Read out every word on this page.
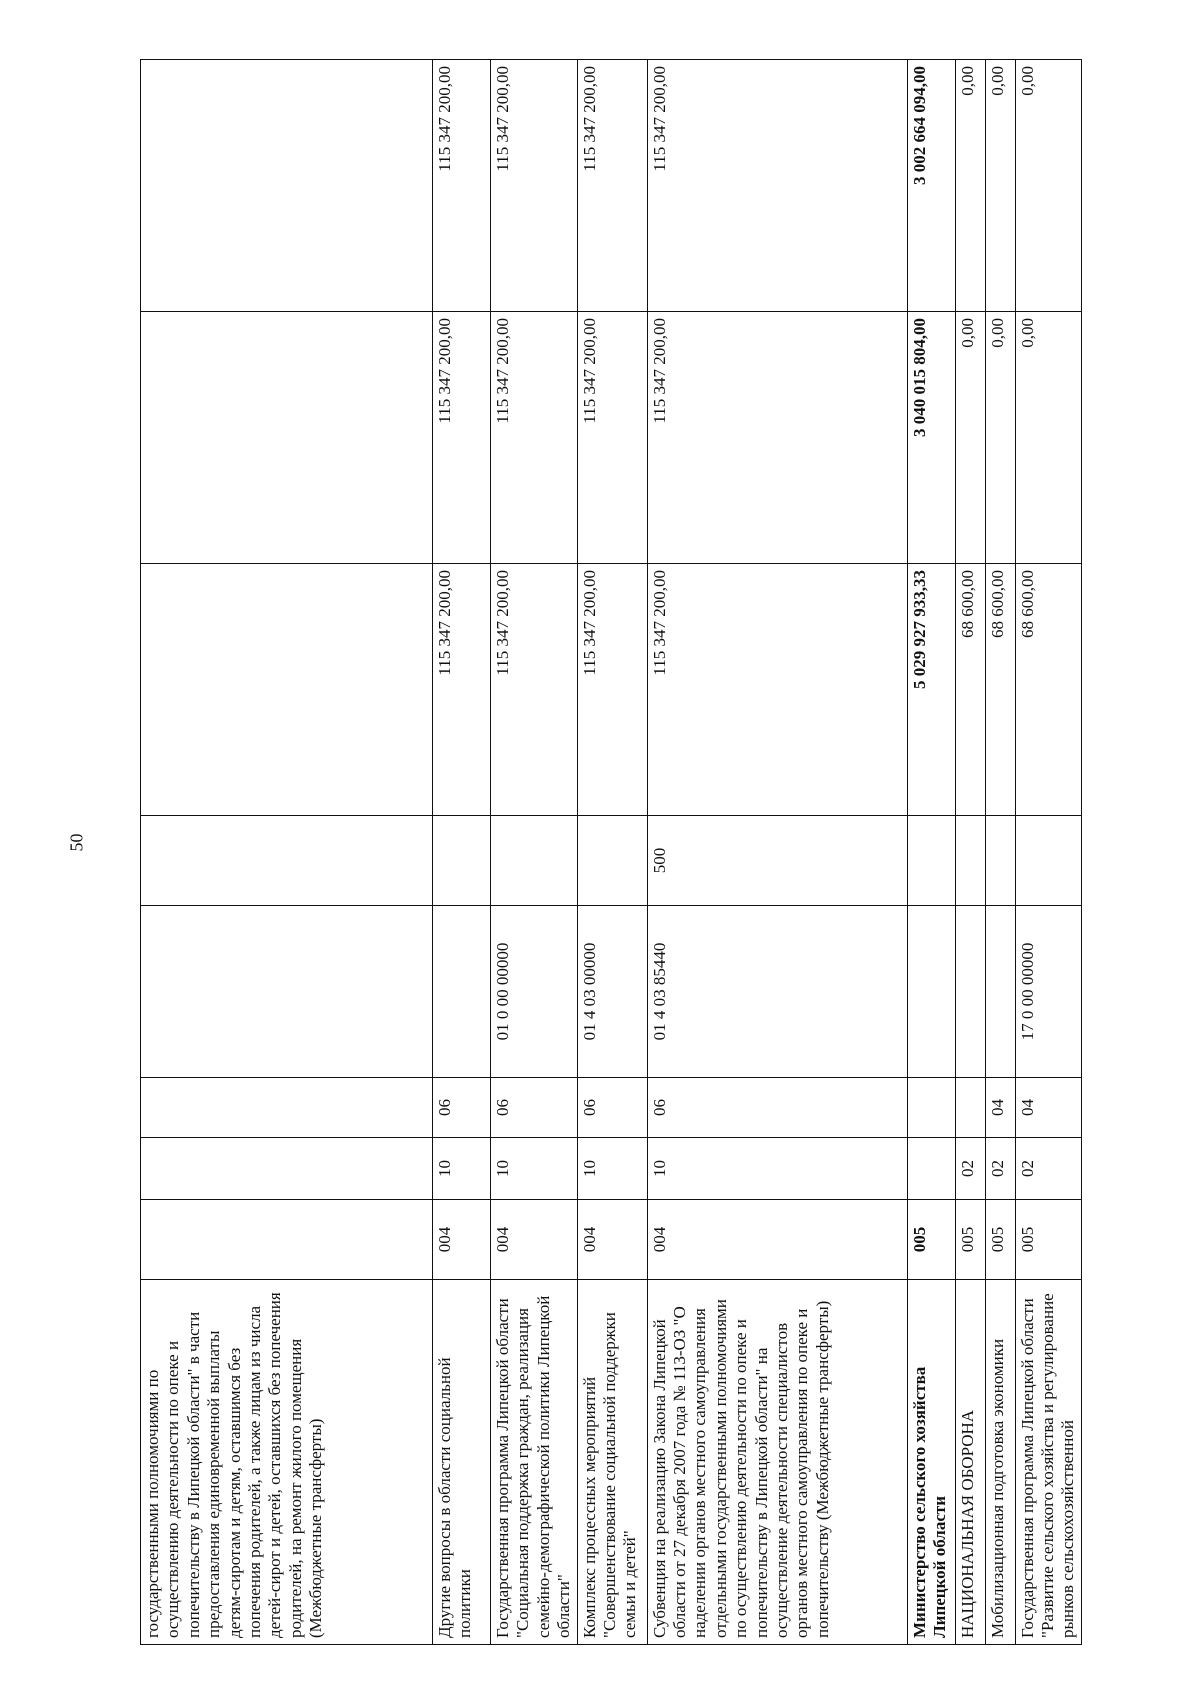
50
государственными полномочиями по осуществлению деятельности по опеке и попечительству в Липецкой области" в части предоставления единовременной выплаты детям-сиротам и детям, оставшимся без попечения родителей, а также лицам из числа детей-сирот и детей, оставшихся без попечения родителей, на ремонт жилого помещения (Межбюджетные трансферты)								
Другие вопросы в области социальной политики	004	10	06			115 347 200,00	115 347 200,00	115 347 200,00
Государственная программа Липецкой области "Социальная поддержка граждан, реализация семейно-демографической политики Липецкой области"	004	10	06	01 0 00 00000		115 347 200,00	115 347 200,00	115 347 200,00
Комплекс процессных мероприятий "Совершенствование социальной поддержки семьи и детей"	004	10	06	01 4 03 00000		115 347 200,00	115 347 200,00	115 347 200,00
Субвенция на реализацию Закона Липецкой области от 27 декабря 2007 года № 113-ОЗ "О наделении органов местного самоуправления отдельными государственными полномочиями по осуществлению деятельности по опеке и попечительству в Липецкой области" на осуществление деятельности специалистов органов местного самоуправления по опеке и попечительству (Межбюджетные трансферты)	004	10	06	01 4 03 85440	500	115 347 200,00	115 347 200,00	115 347 200,00
Министерство сельского хозяйства Липецкой области	005					5 029 927 933,33	3 040 015 804,00	3 002 664 094,00
НАЦИОНАЛЬНАЯ ОБОРОНА	005	02				68 600,00	0,00	0,00
Мобилизационная подготовка экономики	005	02	04			68 600,00	0,00	0,00
Государственная программа Липецкой области "Развитие сельского хозяйства и регулирование рынков сельскохозяйственной	005	02	04	17 0 00 00000		68 600,00	0,00	0,00
